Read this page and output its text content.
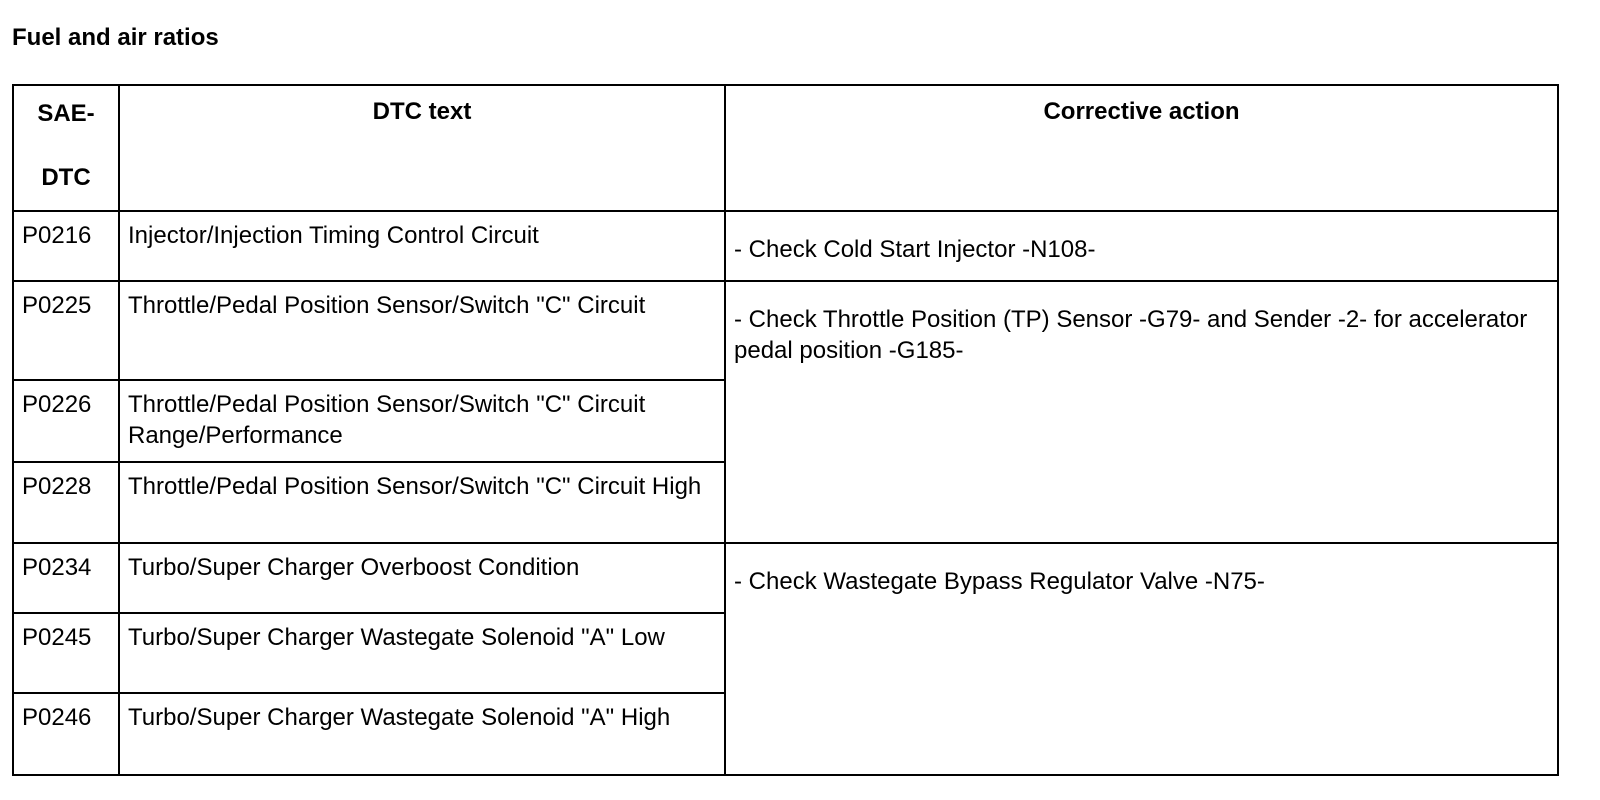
Fuel and air ratios
SAE-
DTC	DTC text	Corrective action
P0216	Injector/Injection Timing Control Circuit	- Check Cold Start Injector -N108-
P0225	Throttle/Pedal Position Sensor/Switch "C" Circuit	- Check Throttle Position (TP) Sensor -G79- and Sender -2- for accelerator pedal position -G185-
P0226	Throttle/Pedal Position Sensor/Switch "C" Circuit Range/Performance	
P0228	Throttle/Pedal Position Sensor/Switch "C" Circuit High	
P0234	Turbo/Super Charger Overboost Condition	- Check Wastegate Bypass Regulator Valve -N75-
P0245	Turbo/Super Charger Wastegate Solenoid "A" Low	
P0246	Turbo/Super Charger Wastegate Solenoid "A" High	
